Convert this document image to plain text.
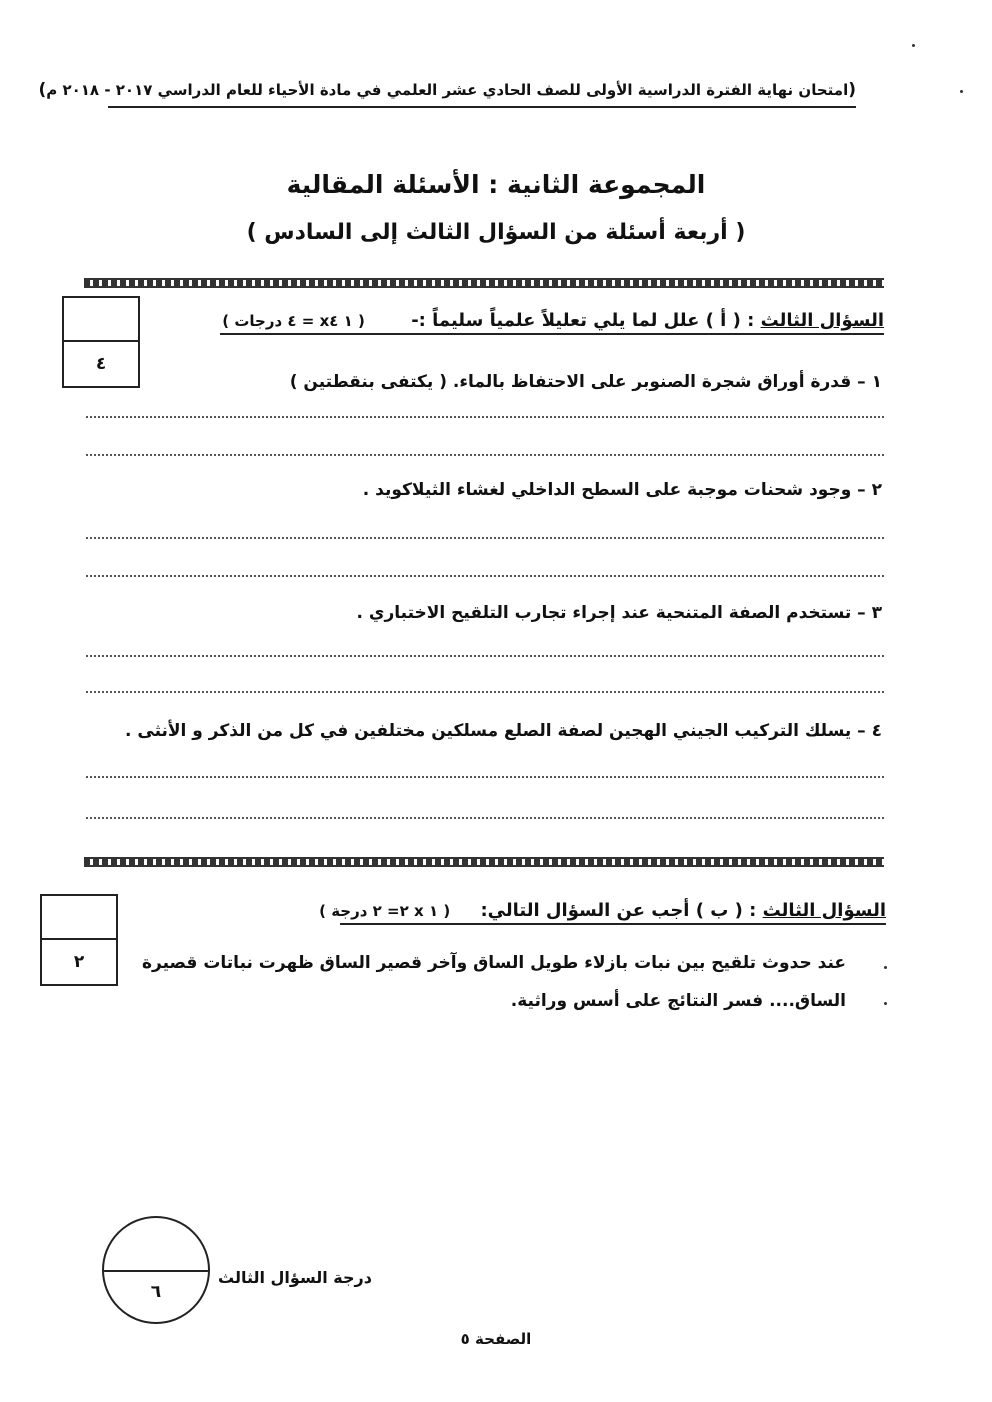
(امتحان نهاية الفترة الدراسية الأولى للصف الحادي عشر العلمي في مادة الأحياء للعام الدراسي ٢٠١٧ - ٢٠١٨ م)
المجموعة الثانية : الأسئلة المقالية
( أربعة أسئلة من السؤال الثالث إلى السادس )
٤
السؤال الثالث : ( أ ) علل لما يلي تعليلاً علمياً سليماً :- ( ١ x٤ = ٤ درجات )
١ – قدرة أوراق شجرة الصنوبر على الاحتفاظ بالماء. ( يكتفى بنقطتين )
٢ – وجود شحنات موجبة على السطح الداخلي لغشاء الثيلاكويد .
٣ – تستخدم الصفة المتنحية عند إجراء تجارب التلقيح الاختباري .
٤ – يسلك التركيب الجيني الهجين لصفة الصلع مسلكين مختلفين في كل من الذكر و الأنثى .
٢
السؤال الثالث : ( ب ) أجب عن السؤال التالي: ( ١ x ٢= ٢ درجة )
عند حدوث تلقيح بين نبات بازلاء طويل الساق وآخر قصير الساق ظهرت نباتات قصيرة
الساق.... فسر النتائج على أسس وراثية.
٦
درجة السؤال الثالث
الصفحة ٥
